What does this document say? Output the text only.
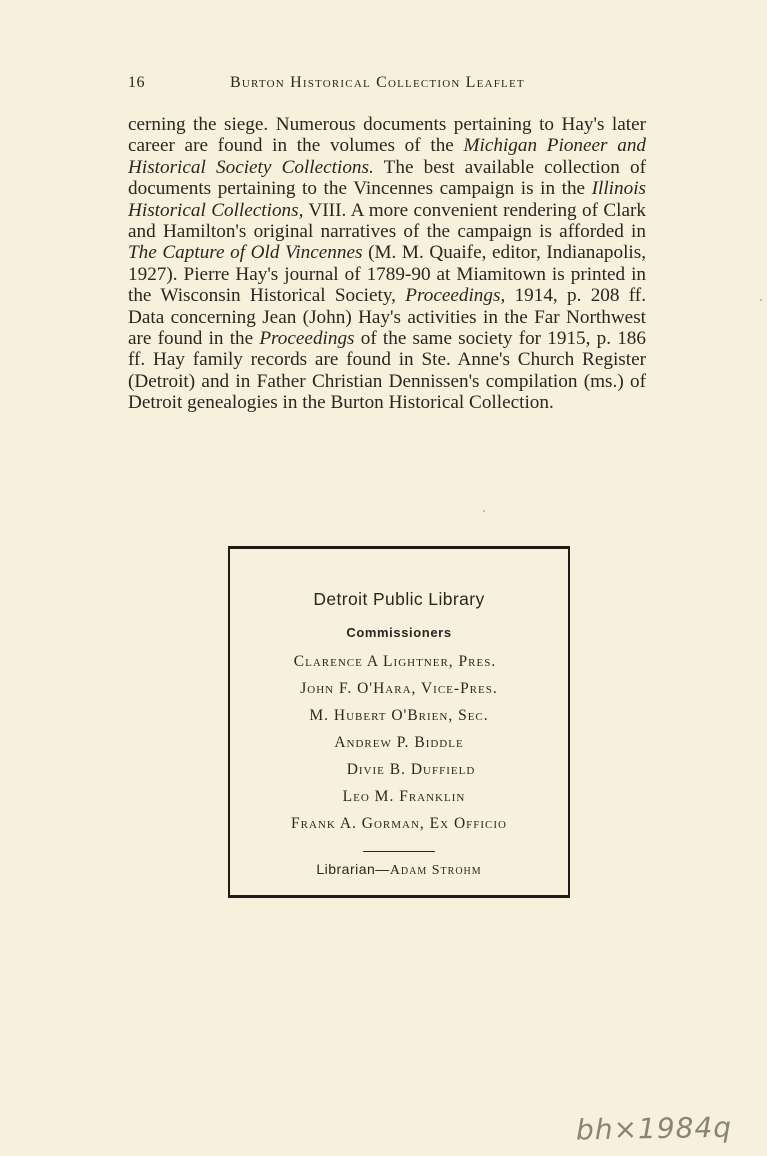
16	Burton Historical Collection Leaflet

cerning the siege. Numerous documents pertaining to Hay's later career are found in the volumes of the Michigan Pioneer and Historical Society Collections. The best available collection of documents pertaining to the Vincennes campaign is in the Illinois Historical Collections, VIII. A more convenient rendering of Clark and Hamilton's original narratives of the campaign is afforded in The Capture of Old Vincennes (M. M. Quaife, editor, Indianapolis, 1927). Pierre Hay's journal of 1789-90 at Miamitown is printed in the Wisconsin Historical Society, Proceedings, 1914, p. 208 ff. Data concerning Jean (John) Hay's activities in the Far Northwest are found in the Proceedings of the same society for 1915, p. 186 ff. Hay family records are found in Ste. Anne's Church Register (Detroit) and in Father Christian Dennissen's compilation (ms.) of Detroit genealogies in the Burton Historical Collection.

Detroit Public Library
Commissioners
Clarence A Lightner, Pres.
John F. O'Hara, Vice-Pres.
M. Hubert O'Brien, Sec.
Andrew P. Biddle
Divie B. Duffield
Leo M. Franklin
Frank A. Gorman, Ex Officio
Librarian—Adam Strohm
bh×1984q
